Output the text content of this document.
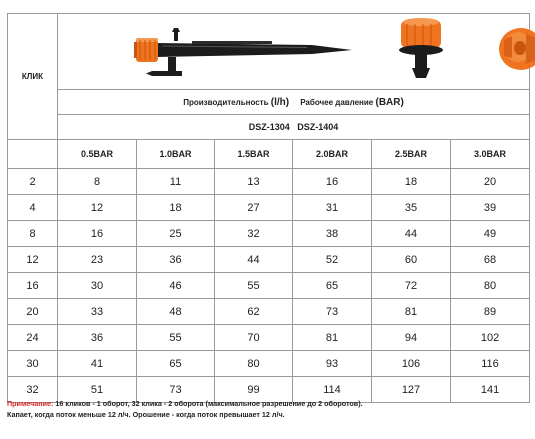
КЛИК	

	Производительность (l/h) Рабочее давление (BAR)					
	DSZ-1304   DSZ-1404					
	0.5BAR	1.0BAR	1.5BAR	2.0BAR	2.5BAR	3.0BAR
2	8	11	13	16	18	20
4	12	18	27	31	35	39
8	16	25	32	38	44	49
12	23	36	44	52	60	68
16	30	46	55	65	72	80
20	33	48	62	73	81	89
24	36	55	70	81	94	102
30	41	65	80	93	106	116
32	51	73	99	114	127	141
Примечание: 16 кликов - 1 оборот, 32 клика - 2 оборота (максимальное разрешение до 2 оборотов).
Капает, когда поток меньше 12 л/ч. Орошение - когда поток превышает 12 л/ч.
